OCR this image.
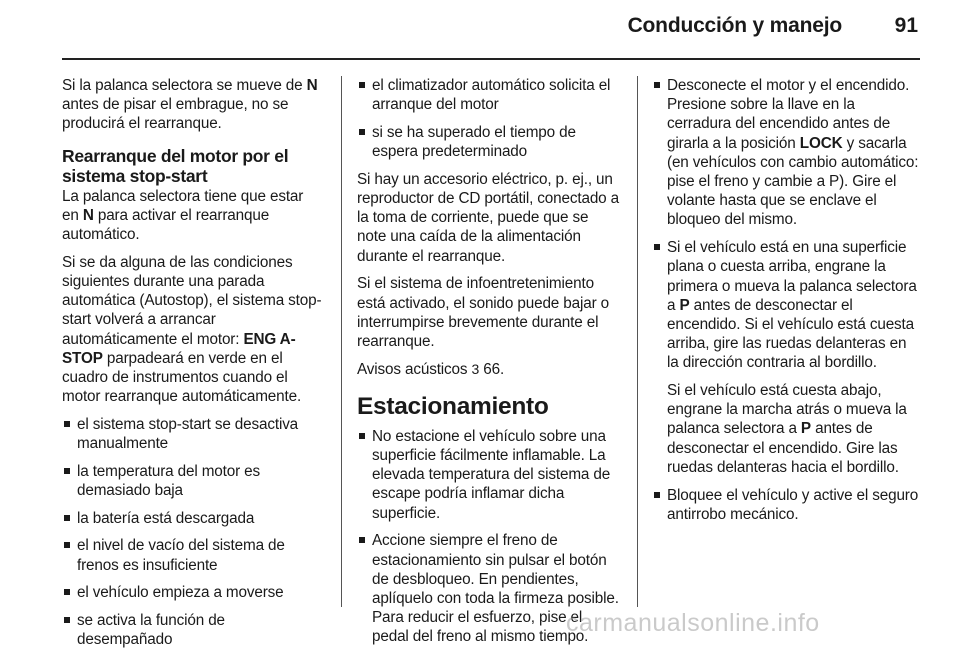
Conducción y manejo	91

Si la palanca selectora se mueve de N antes de pisar el embrague, no se producirá el rearranque.

Rearranque del motor por el sistema stop-start

La palanca selectora tiene que estar en N para activar el rearranque automático.

Si se da alguna de las condiciones siguientes durante una parada automática (Autostop), el sistema stop-start volverá a arrancar automáticamente el motor: ENG A-STOP parpadeará en verde en el cuadro de instrumentos cuando el motor rearranque automáticamente.

el sistema stop-start se desactiva manualmente
la temperatura del motor es demasiado baja
la batería está descargada
el nivel de vacío del sistema de frenos es insuficiente
el vehículo empieza a moverse
se activa la función de desempañado
el climatizador automático solicita el arranque del motor
si se ha superado el tiempo de espera predeterminado

Si hay un accesorio eléctrico, p. ej., un reproductor de CD portátil, conectado a la toma de corriente, puede que se note una caída de la alimentación durante el rearranque.

Si el sistema de infoentretenimiento está activado, el sonido puede bajar o interrumpirse brevemente durante el rearranque.

Avisos acústicos 3 66.

Estacionamiento
No estacione el vehículo sobre una superficie fácilmente inflamable. La elevada temperatura del sistema de escape podría inflamar dicha superficie.
Accione siempre el freno de estacionamiento sin pulsar el botón de desbloqueo. En pendientes, aplíquelo con toda la firmeza posible. Para reducir el esfuerzo, pise el pedal del freno al mismo tiempo.
Desconecte el motor y el encendido. Presione sobre la llave en la cerradura del encendido antes de girarla a la posición LOCK y sacarla (en vehículos con cambio automático: pise el freno y cambie a P). Gire el volante hasta que se enclave el bloqueo del mismo.
Si el vehículo está en una superficie plana o cuesta arriba, engrane la primera o mueva la palanca selectora a P antes de desconectar el encendido. Si el vehículo está cuesta arriba, gire las ruedas delanteras en la dirección contraria al bordillo.

Si el vehículo está cuesta abajo, engrane la marcha atrás o mueva la palanca selectora a P antes de desconectar el encendido. Gire las ruedas delanteras hacia el bordillo.

Bloquee el vehículo y active el seguro antirrobo mecánico.
carmanualsonline.info
